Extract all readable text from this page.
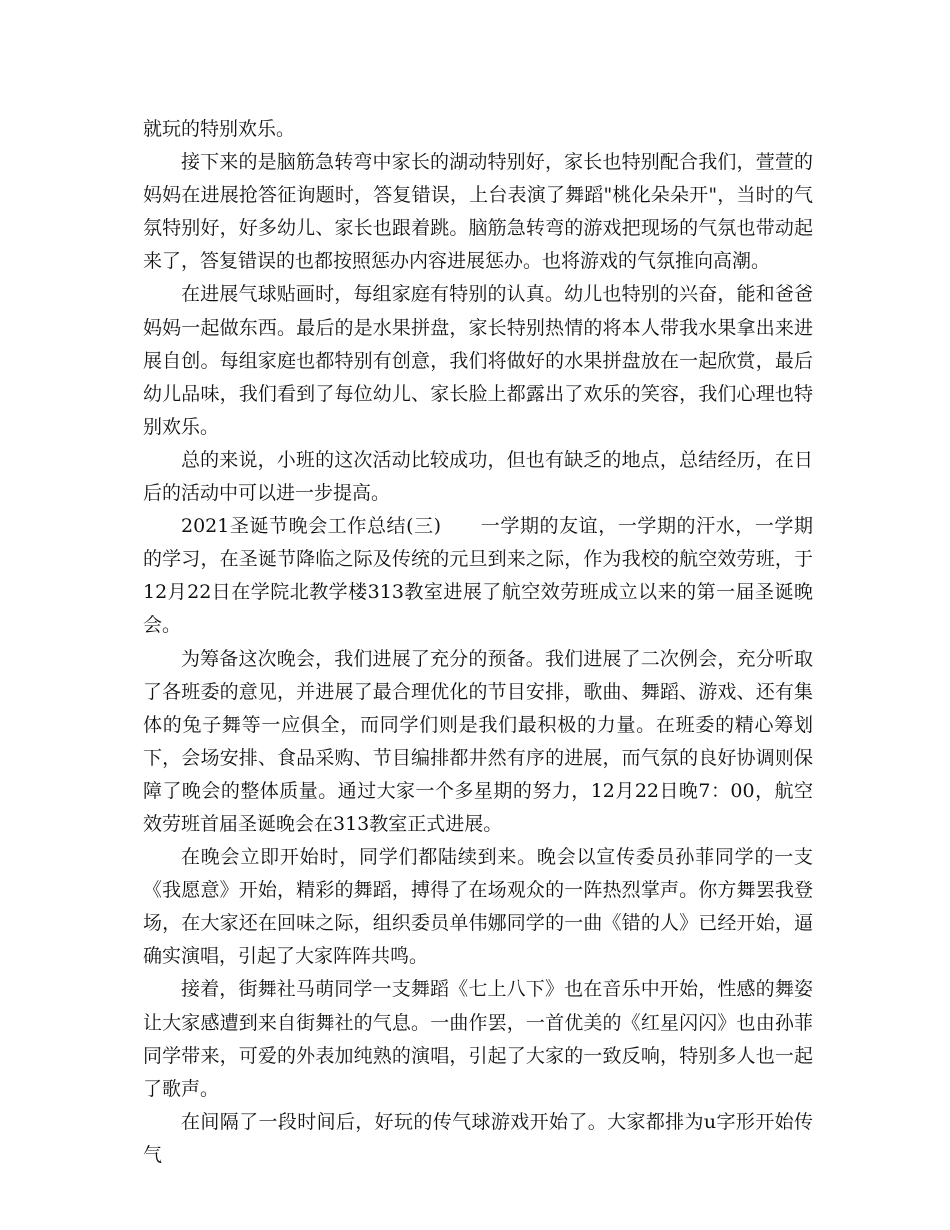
就玩的特别欢乐。

接下来的是脑筋急转弯中家长的湖动特别好，家长也特别配合我们，萱萱的妈妈在进展抢答征询题时，答复错误，上台表演了舞蹈"桃化朵朵开"，当时的气氛特别好，好多幼儿、家长也跟着跳。脑筋急转弯的游戏把现场的气氛也带动起来了，答复错误的也都按照惩办内容进展惩办。也将游戏的气氛推向高潮。

在进展气球贴画时，每组家庭有特别的认真。幼儿也特别的兴奋，能和爸爸妈妈一起做东西。最后的是水果拼盘，家长特别热情的将本人带我水果拿出来进展自创。每组家庭也都特别有创意，我们将做好的水果拼盘放在一起欣赏，最后幼儿品味，我们看到了每位幼儿、家长脸上都露出了欢乐的笑容，我们心理也特别欢乐。

总的来说，小班的这次活动比较成功，但也有缺乏的地点，总结经历，在日后的活动中可以进一步提高。

2021圣诞节晚会工作总结(三)　　一学期的友谊，一学期的汗水，一学期的学习，在圣诞节降临之际及传统的元旦到来之际，作为我校的航空效劳班，于 12月22日在学院北教学楼313教室进展了航空效劳班成立以来的第一届圣诞晚会。

为筹备这次晚会，我们进展了充分的预备。我们进展了二次例会，充分听取了各班委的意见，并进展了最合理优化的节目安排，歌曲、舞蹈、游戏、还有集体的兔子舞等一应俱全，而同学们则是我们最积极的力量。在班委的精心筹划下，会场安排、食品采购、节目编排都井然有序的进展，而气氛的良好协调则保障了晚会的整体质量。通过大家一个多星期的努力，12月22日晚7：00，航空效劳班首届圣诞晚会在313教室正式进展。

在晚会立即开始时，同学们都陆续到来。晚会以宣传委员孙菲同学的一支《我愿意》开始，精彩的舞蹈，搏得了在场观众的一阵热烈掌声。你方舞罢我登场，在大家还在回味之际，组织委员单伟娜同学的一曲《错的人》已经开始，逼确实演唱，引起了大家阵阵共鸣。

接着，街舞社马萌同学一支舞蹈《七上八下》也在音乐中开始，性感的舞姿让大家感遭到来自街舞社的气息。一曲作罢，一首优美的《红星闪闪》也由孙菲同学带来，可爱的外表加纯熟的演唱，引起了大家的一致反响，特别多人也一起了歌声。

在间隔了一段时间后，好玩的传气球游戏开始了。大家都排为u字形开始传气
